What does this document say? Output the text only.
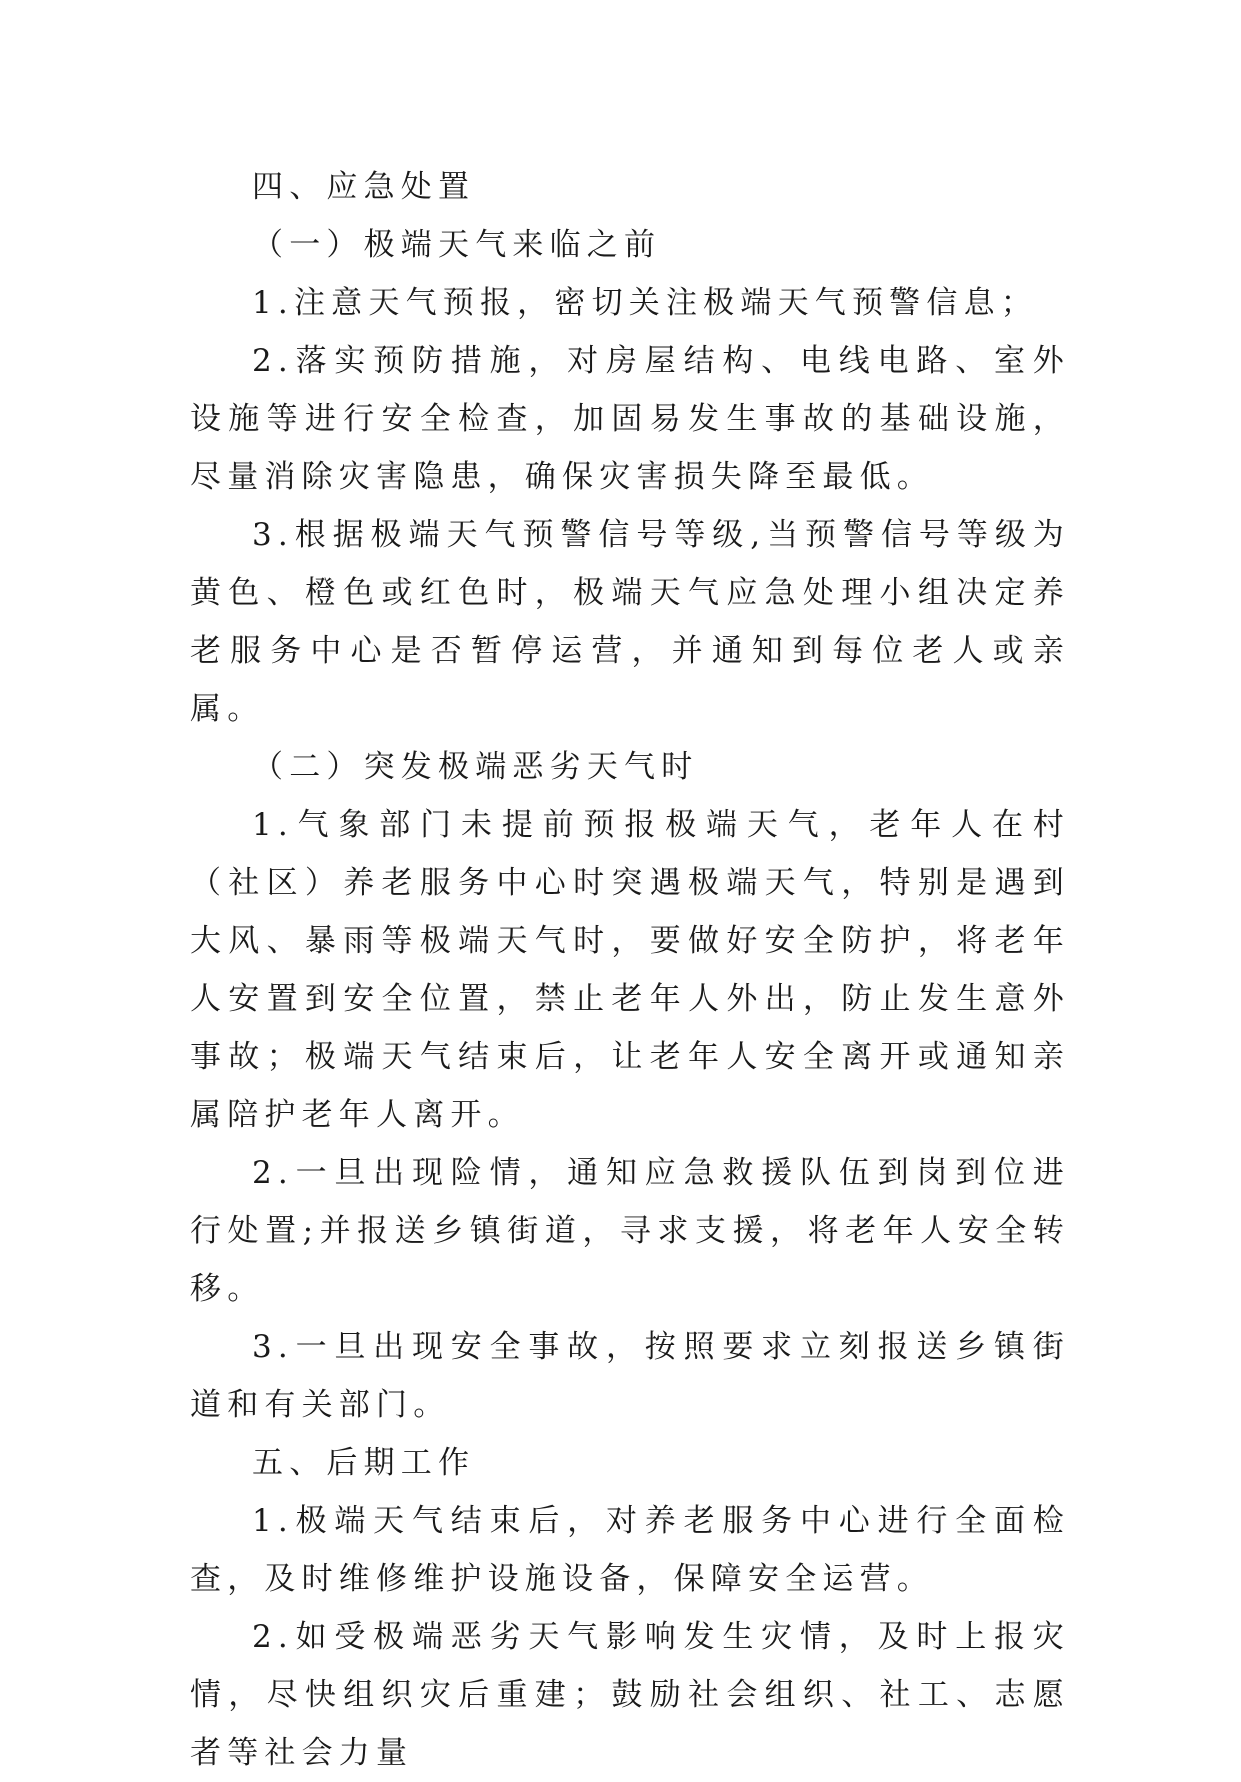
四、应急处置

（一）极端天气来临之前

1.注意天气预报，密切关注极端天气预警信息；

2.落实预防措施，对房屋结构、电线电路、室外设施等进行安全检查，加固易发生事故的基础设施，尽量消除灾害隐患，确保灾害损失降至最低。

3.根据极端天气预警信号等级,当预警信号等级为黄色、橙色或红色时，极端天气应急处理小组决定养老服务中心是否暂停运营，并通知到每位老人或亲属。

（二）突发极端恶劣天气时

1.气象部门未提前预报极端天气，老年人在村（社区）养老服务中心时突遇极端天气，特别是遇到大风、暴雨等极端天气时，要做好安全防护，将老年人安置到安全位置，禁止老年人外出，防止发生意外事故；极端天气结束后，让老年人安全离开或通知亲属陪护老年人离开。

2.一旦出现险情，通知应急救援队伍到岗到位进行处置;并报送乡镇街道，寻求支援，将老年人安全转移。

3.一旦出现安全事故，按照要求立刻报送乡镇街道和有关部门。

五、后期工作

1.极端天气结束后，对养老服务中心进行全面检查，及时维修维护设施设备，保障安全运营。

2.如受极端恶劣天气影响发生灾情，及时上报灾情，尽快组织灾后重建；鼓励社会组织、社工、志愿者等社会力量
